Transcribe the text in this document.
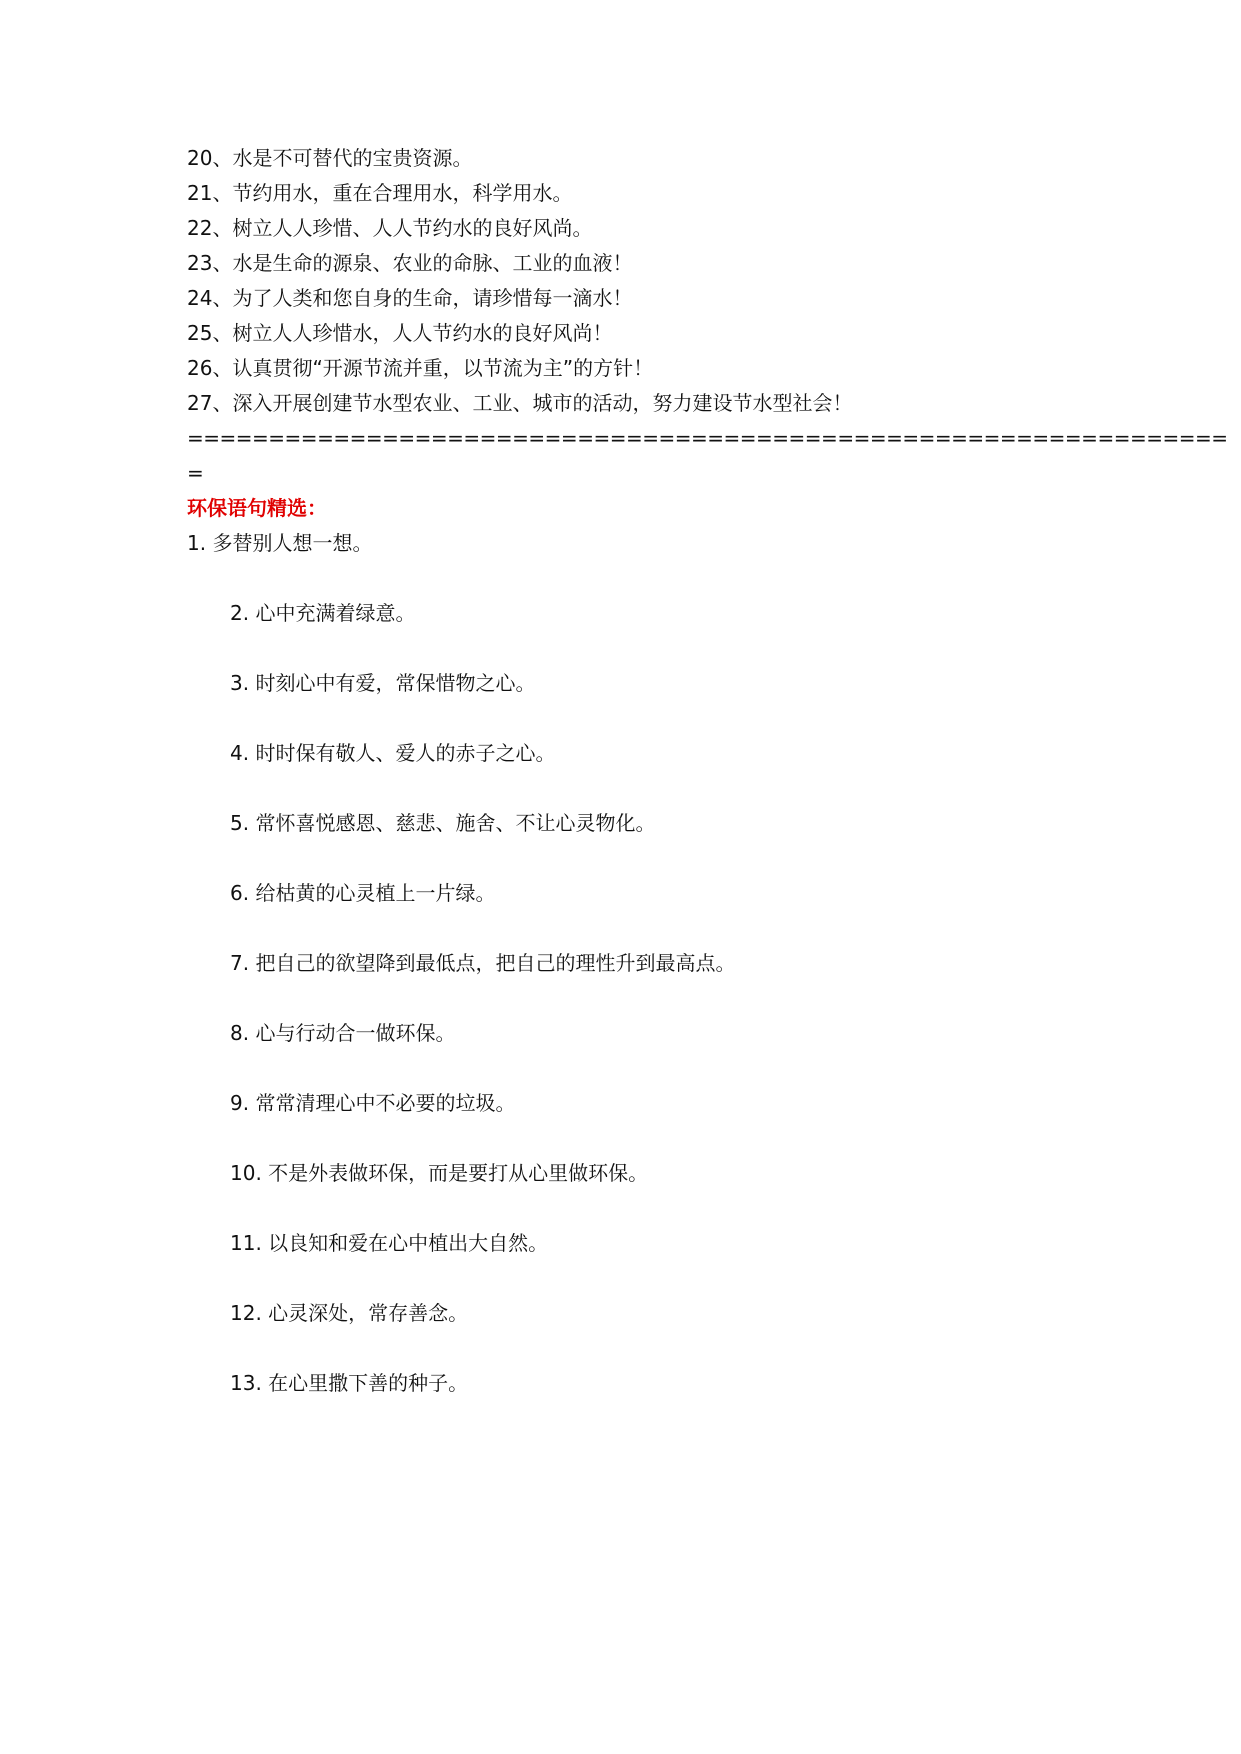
20、水是不可替代的宝贵资源。
21、节约用水，重在合理用水，科学用水。
22、树立人人珍惜、人人节约水的良好风尚。
23、水是生命的源泉、农业的命脉、工业的血液！
24、为了人类和您自身的生命，请珍惜每一滴水！
25、树立人人珍惜水，人人节约水的良好风尚！
26、认真贯彻“开源节流并重，以节流为主”的方针！
27、深入开展创建节水型农业、工业、城市的活动，努力建设节水型社会！
================================================================
=
环保语句精选：
1. 多替别人想一想。
2. 心中充满着绿意。
3. 时刻心中有爱，常保惜物之心。
4. 时时保有敬人、爱人的赤子之心。
5. 常怀喜悦感恩、慈悲、施舍、不让心灵物化。
6. 给枯黄的心灵植上一片绿。
7. 把自己的欲望降到最低点，把自己的理性升到最高点。
8. 心与行动合一做环保。
9. 常常清理心中不必要的垃圾。
10. 不是外表做环保，而是要打从心里做环保。
11. 以良知和爱在心中植出大自然。
12. 心灵深处，常存善念。
13. 在心里撒下善的种子。
